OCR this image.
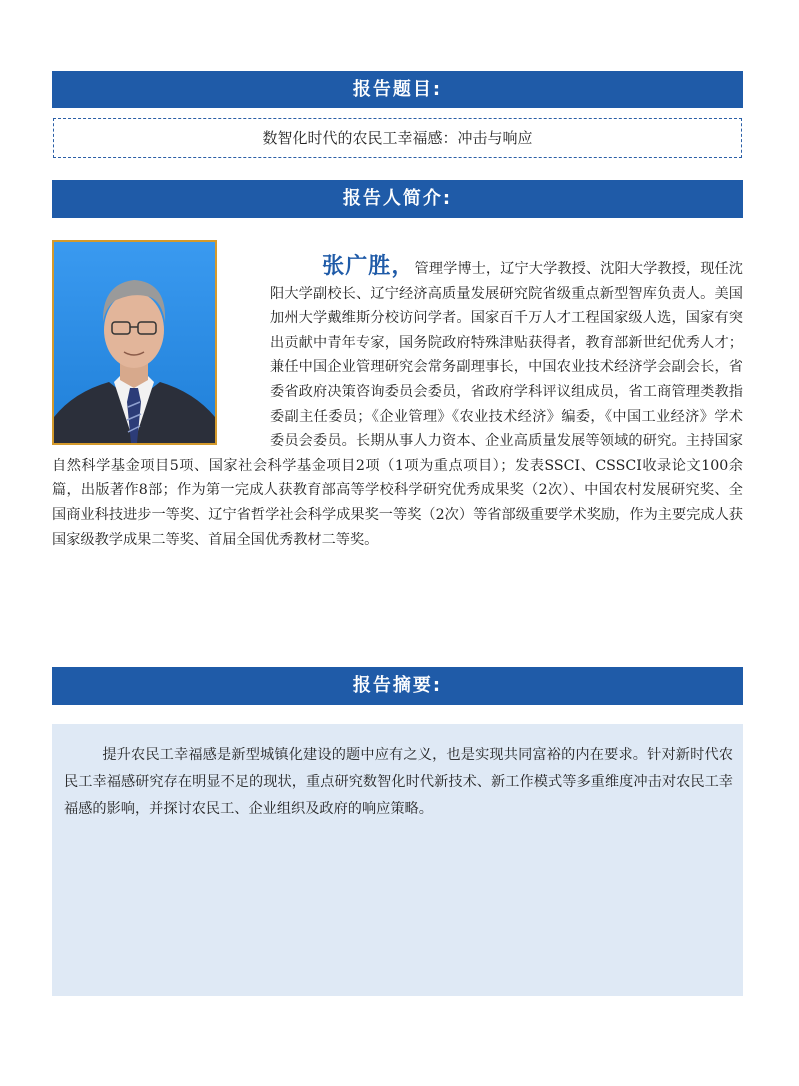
报告题目:
数智化时代的农民工幸福感：冲击与响应
报告人简介:

张广胜，管理学博士，辽宁大学教授、沈阳大学教授，现任沈阳大学副校长、辽宁经济高质量发展研究院省级重点新型智库负责人。美国加州大学戴维斯分校访问学者。国家百千万人才工程国家级人选，国家有突出贡献中青年专家，国务院政府特殊津贴获得者，教育部新世纪优秀人才；兼任中国企业管理研究会常务副理事长，中国农业技术经济学会副会长，省委省政府决策咨询委员会委员，省政府学科评议组成员，省工商管理类教指委副主任委员；《企业管理》《农业技术经济》编委，《中国工业经济》学术委员会委员。长期从事人力资本、企业高质量发展等领域的研究。主持国家自然科学基金项目5项、国家社会科学基金项目2项（1项为重点项目）；发表SSCI、CSSCI收录论文100余篇，出版著作8部；作为第一完成人获教育部高等学校科学研究优秀成果奖（2次）、中国农村发展研究奖、全国商业科技进步一等奖、辽宁省哲学社会科学成果奖一等奖（2次）等省部级重要学术奖励，作为主要完成人获国家级教学成果二等奖、首届全国优秀教材二等奖。

报告摘要:

提升农民工幸福感是新型城镇化建设的题中应有之义，也是实现共同富裕的内在要求。针对新时代农民工幸福感研究存在明显不足的现状，重点研究数智化时代新技术、新工作模式等多重维度冲击对农民工幸福感的影响，并探讨农民工、企业组织及政府的响应策略。
